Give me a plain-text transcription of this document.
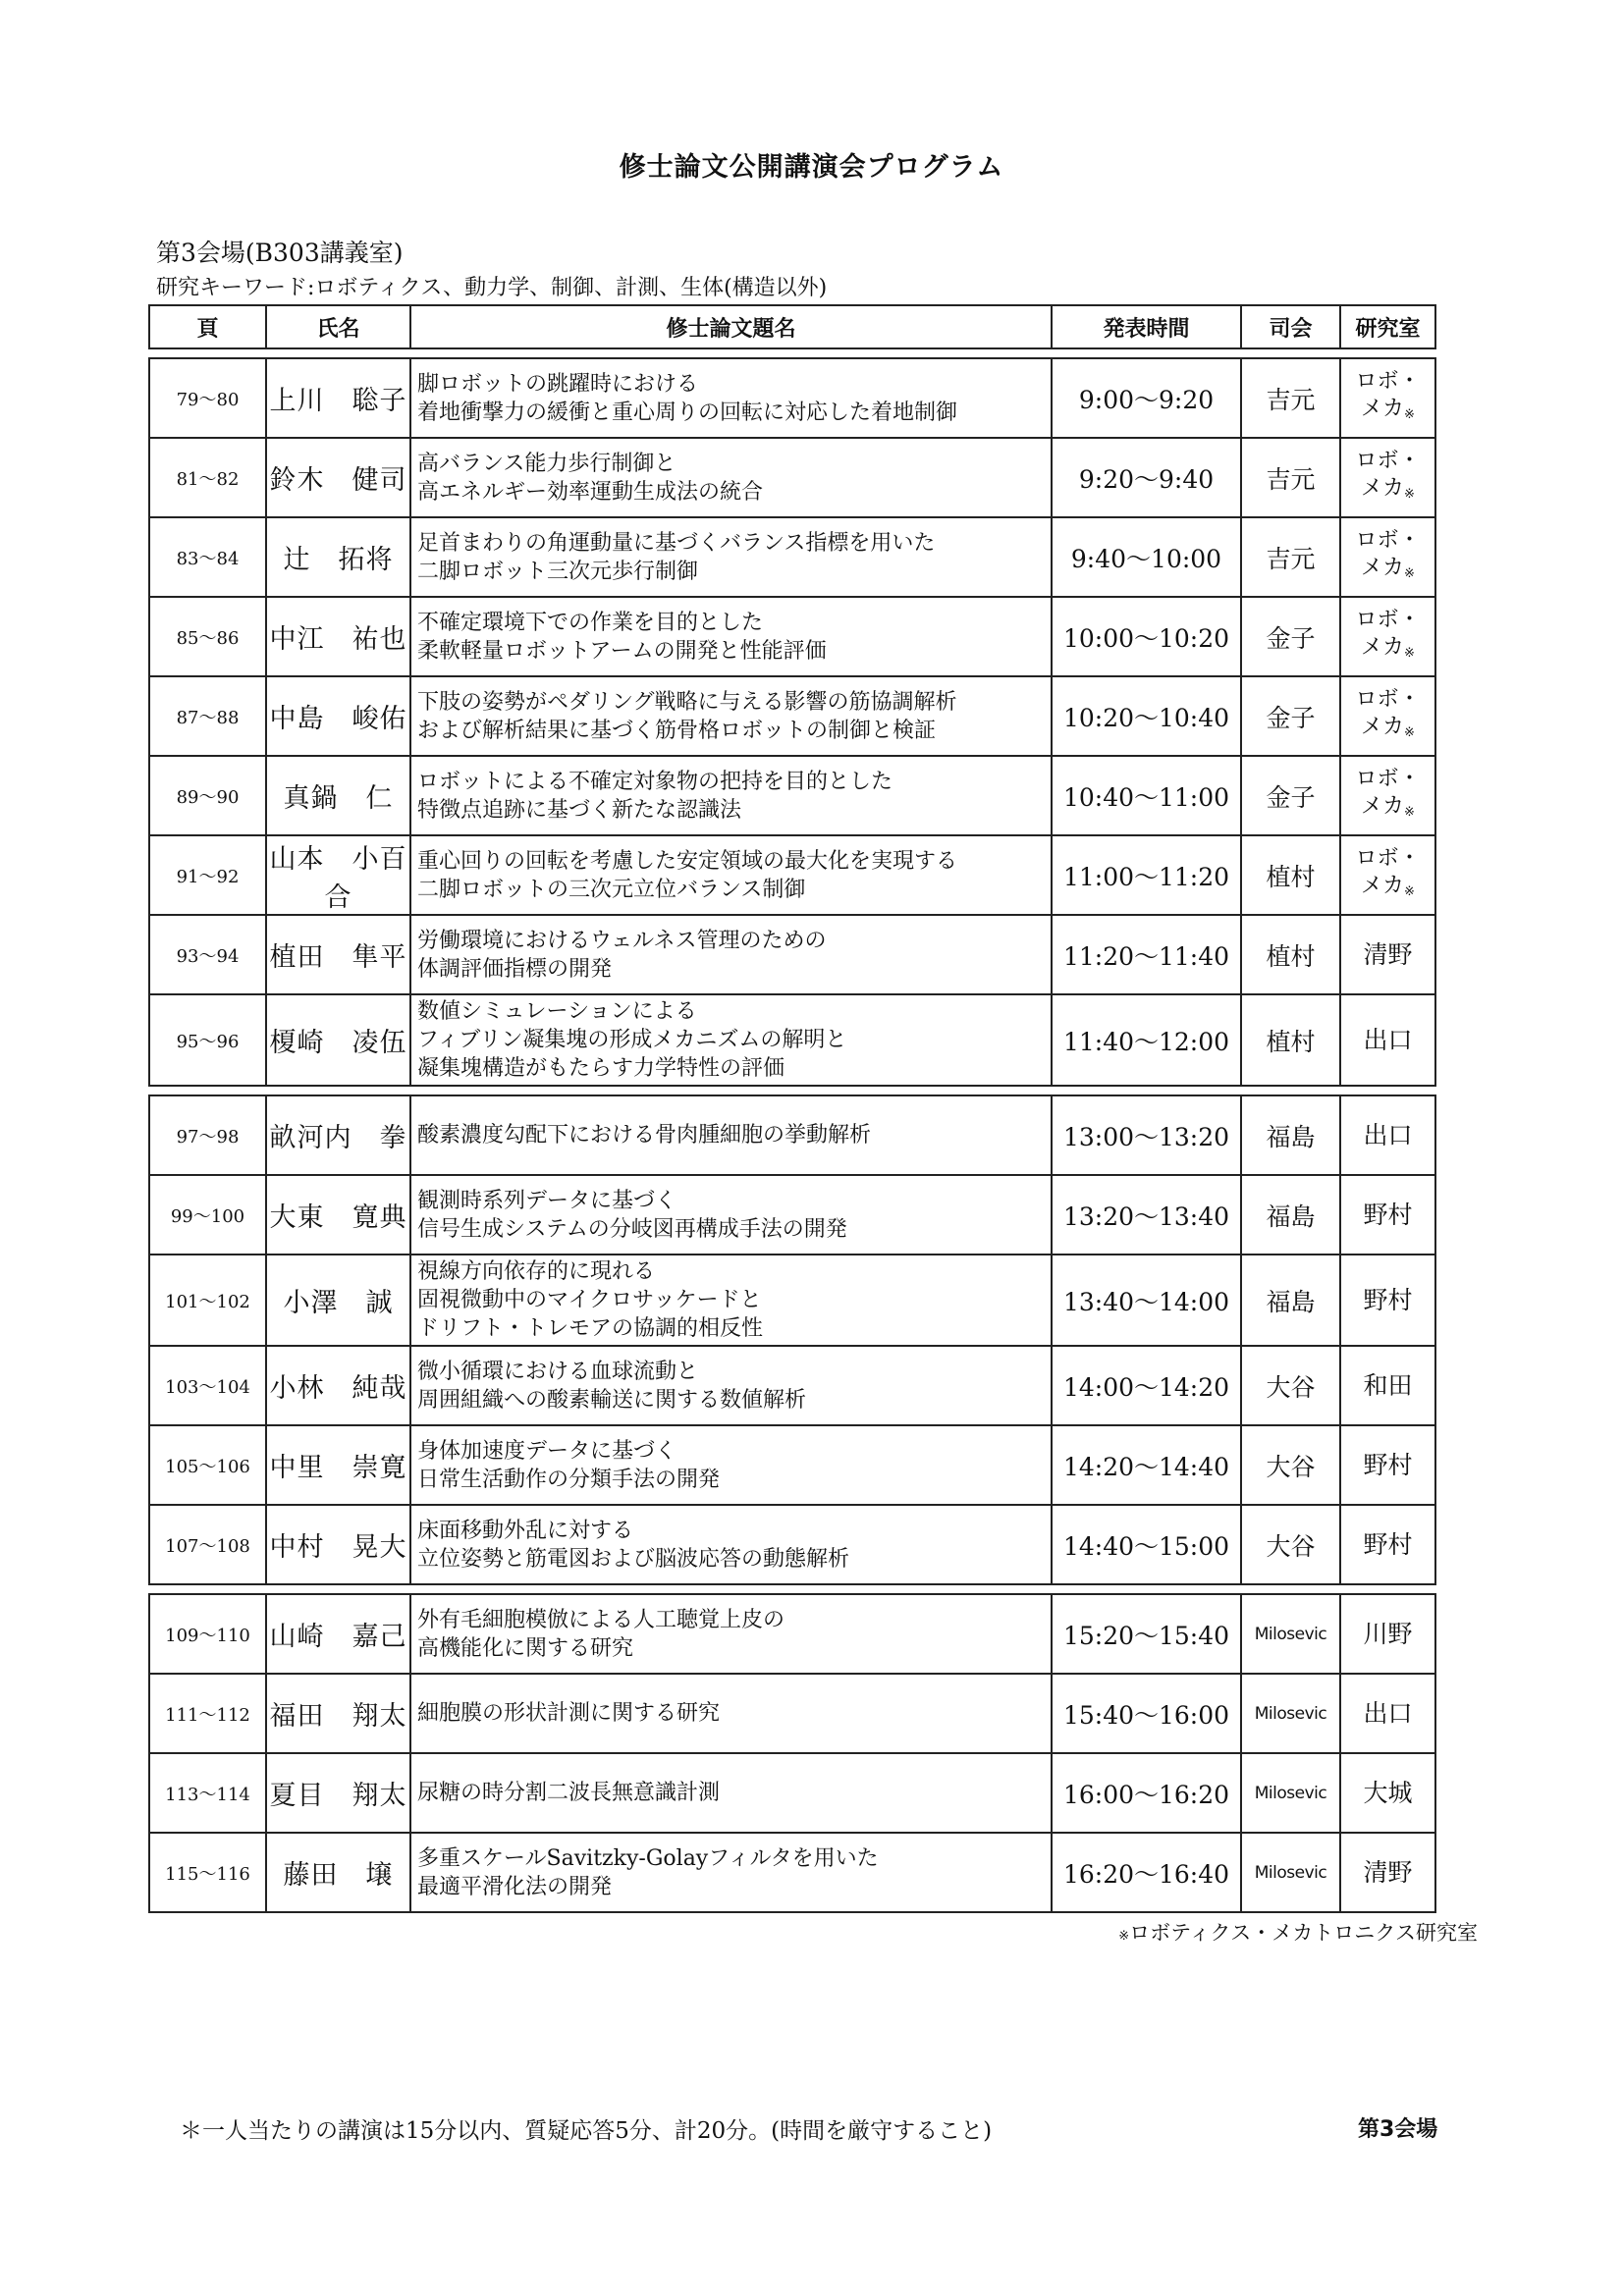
修士論文公開講演会プログラム
第3会場(B303講義室)
研究キーワード:ロボティクス、動力学、制御、計測、生体(構造以外)
頁	氏名	修士論文題名	発表時間	司会	研究室

79～80	上川　聡子	脚ロボットの跳躍時における
着地衝撃力の緩衝と重心周りの回転に対応した着地制御	9:00～9:20	吉元	ロボ・
メカ$_※$

81～82	鈴木　健司	高バランス能力歩行制御と
高エネルギー効率運動生成法の統合	9:20～9:40	吉元	ロボ・
メカ$_※$

83～84	辻　拓将	足首まわりの角運動量に基づくバランス指標を用いた
二脚ロボット三次元歩行制御	9:40～10:00	吉元	ロボ・
メカ$_※$

85～86	中江　祐也	不確定環境下での作業を目的とした
柔軟軽量ロボットアームの開発と性能評価	10:00～10:20	金子	ロボ・
メカ$_※$

87～88	中島　峻佑	下肢の姿勢がペダリング戦略に与える影響の筋協調解析
および解析結果に基づく筋骨格ロボットの制御と検証	10:20～10:40	金子	ロボ・
メカ$_※$

89～90	真鍋　仁	ロボットによる不確定対象物の把持を目的とした
特徴点追跡に基づく新たな認識法	10:40～11:00	金子	ロボ・
メカ$_※$

91～92	山本　小百合	重心回りの回転を考慮した安定領域の最大化を実現する
二脚ロボットの三次元立位バランス制御	11:00～11:20	植村	ロボ・
メカ$_※$

93～94	植田　隼平	労働環境におけるウェルネス管理のための
体調評価指標の開発	11:20～11:40	植村	清野
95～96	榎崎　凌伍	数値シミュレーションによる
フィブリン凝集塊の形成メカニズムの解明と
凝集塊構造がもたらす力学特性の評価	11:40～12:00	植村	出口

97～98	畝河内　拳	酸素濃度勾配下における骨肉腫細胞の挙動解析	13:00～13:20	福島	出口
99～100	大東　寛典	観測時系列データに基づく
信号生成システムの分岐図再構成手法の開発	13:20～13:40	福島	野村
101～102	小澤　誠	視線方向依存的に現れる
固視微動中のマイクロサッケードと
ドリフト・トレモアの協調的相反性	13:40～14:00	福島	野村
103～104	小林　純哉	微小循環における血球流動と
周囲組織への酸素輸送に関する数値解析	14:00～14:20	大谷	和田
105～106	中里　崇寛	身体加速度データに基づく
日常生活動作の分類手法の開発	14:20～14:40	大谷	野村
107～108	中村　晃大	床面移動外乱に対する
立位姿勢と筋電図および脳波応答の動態解析	14:40～15:00	大谷	野村

109～110	山崎　嘉己	外有毛細胞模倣による人工聴覚上皮の
高機能化に関する研究	15:20～15:40	Milosevic	川野
111～112	福田　翔太	細胞膜の形状計測に関する研究	15:40～16:00	Milosevic	出口
113～114	夏目　翔太	尿糖の時分割二波長無意識計測	16:00～16:20	Milosevic	大城
115～116	藤田　壌	多重スケールSavitzky-Golayフィルタを用いた
最適平滑化法の開発	16:20～16:40	Milosevic	清野
※ロボティクス・メカトロニクス研究室
＊一人当たりの講演は15分以内、質疑応答5分、計20分。(時間を厳守すること)	第3会場
